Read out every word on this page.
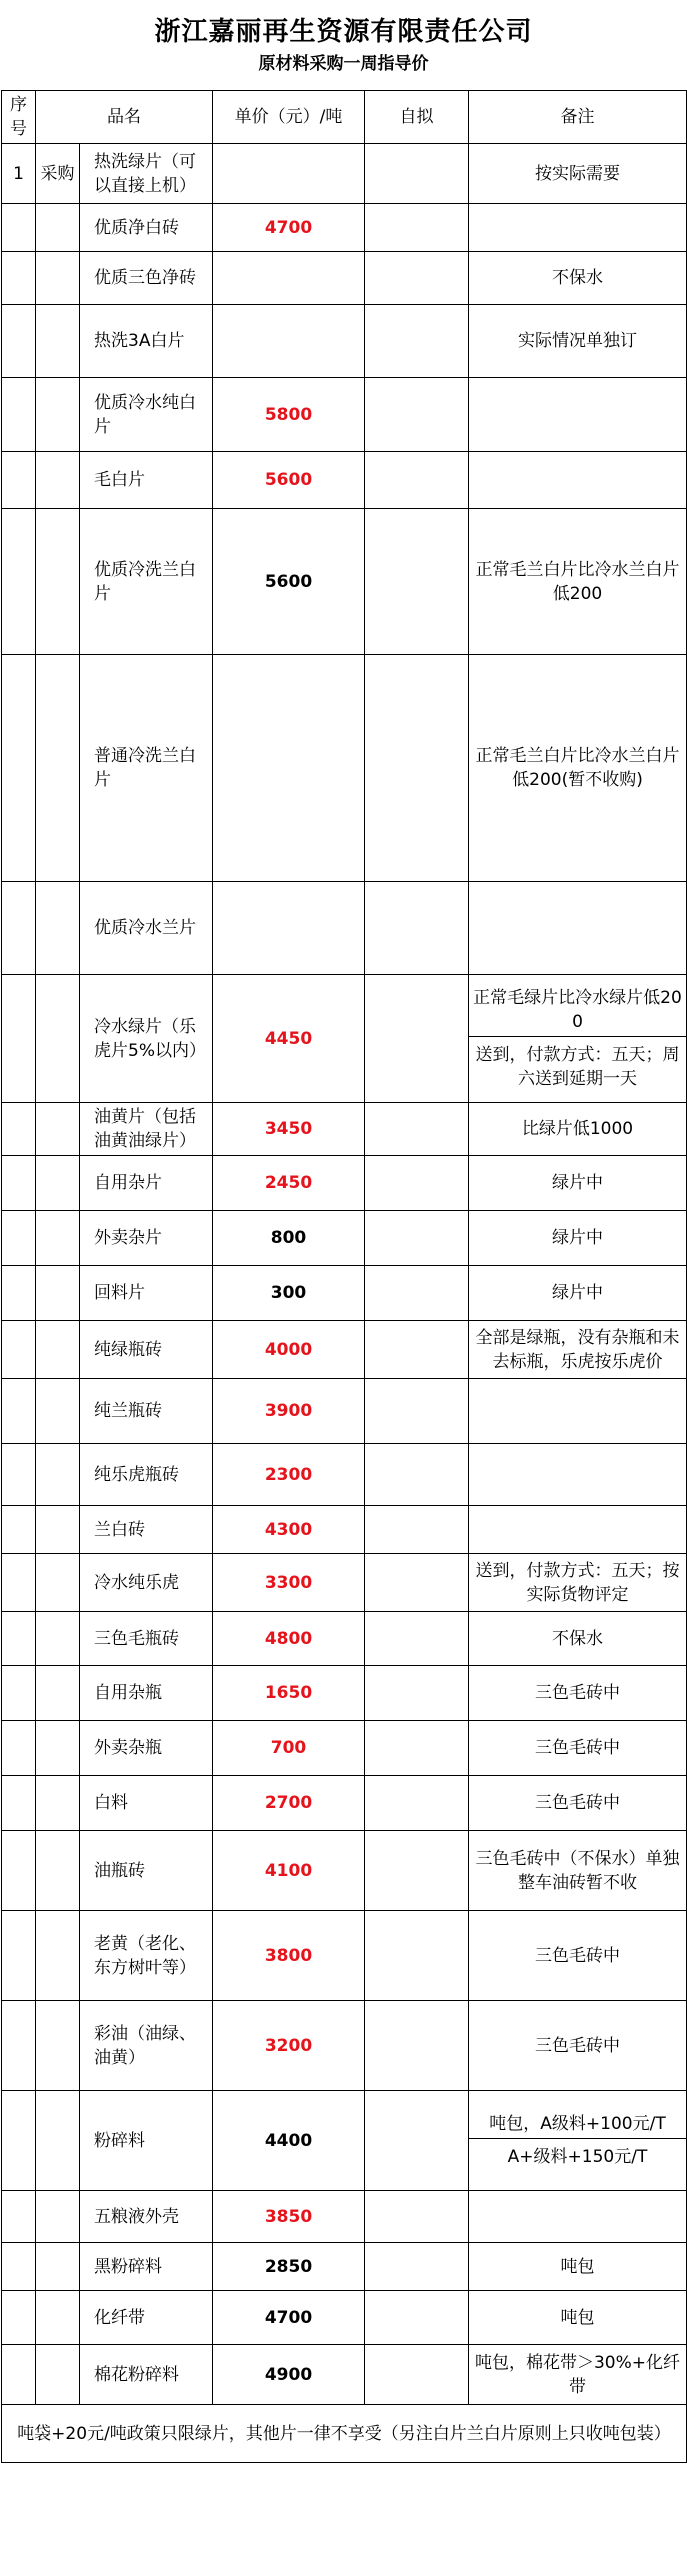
浙江嘉丽再生资源有限责任公司
原材料采购一周指导价
序号	品名		单价（元）/吨	自拟	备注
1	采购	热洗绿片（可以直接上机）			按实际需要
		优质净白砖	4700		
		优质三色净砖			不保水
		热洗3A白片			实际情况单独订
		优质冷水纯白片	5800		
		毛白片	5600		
		优质冷洗兰白片	5600		正常毛兰白片比冷水兰白片低200
		普通冷洗兰白片			正常毛兰白片比冷水兰白片低200(暂不收购)
		优质冷水兰片			
		冷水绿片（乐虎片5%以内）	4450		正常毛绿片比冷水绿片低200
送到，付款方式：五天；周六送到延期一天

		油黄片（包括油黄油绿片）	3450		比绿片低1000
		自用杂片	2450		绿片中
		外卖杂片	800		绿片中
		回料片	300		绿片中
		纯绿瓶砖	4000		全部是绿瓶，没有杂瓶和未去标瓶，乐虎按乐虎价
		纯兰瓶砖	3900		
		纯乐虎瓶砖	2300		
		兰白砖	4300		
		冷水纯乐虎	3300		送到，付款方式：五天；按实际货物评定
		三色毛瓶砖	4800		不保水
		自用杂瓶	1650		三色毛砖中
		外卖杂瓶	700		三色毛砖中
		白料	2700		三色毛砖中
		油瓶砖	4100		三色毛砖中（不保水）单独整车油砖暂不收
		老黄（老化、东方树叶等）	3800		三色毛砖中
		彩油（油绿、油黄）	3200		三色毛砖中
		粉碎料	4400		吨包，A级料+100元/T
A+级料+150元/T

		五粮液外壳	3850		
		黑粉碎料	2850		吨包
		化纤带	4700		吨包
		棉花粉碎料	4900		吨包，棉花带＞30%+化纤带
吨袋+20元/吨政策只限绿片，其他片一律不享受（另注白片兰白片原则上只收吨包装）					
